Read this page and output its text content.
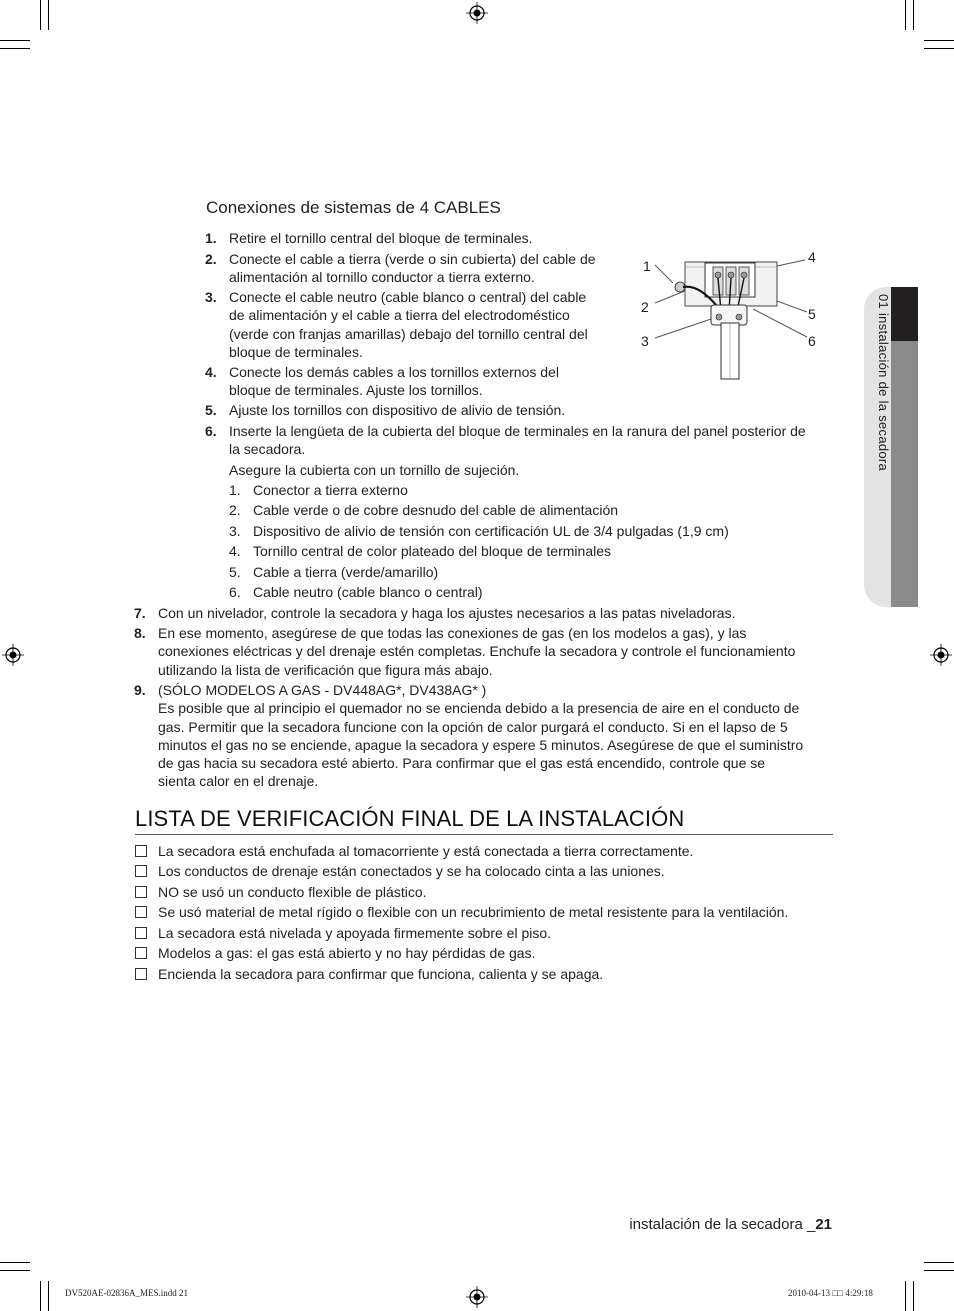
01 instalación de la secadora
Conexiones de sistemas de 4 CABLES
1. Retire el tornillo central del bloque de terminales.
2. Conecte el cable a tierra (verde o sin cubierta) del cable de
alimentación al tornillo conductor a tierra externo.
3. Conecte el cable neutro (cable blanco o central) del cable
de alimentación y el cable a tierra del electrodoméstico
(verde con franjas amarillas) debajo del tornillo central del
bloque de terminales.
4. Conecte los demás cables a los tornillos externos del
bloque de terminales. Ajuste los tornillos.
5. Ajuste los tornillos con dispositivo de alivio de tensión.
6. Inserte la lengüeta de la cubierta del bloque de terminales en la ranura del panel posterior de
la secadora.
Asegure la cubierta con un tornillo de sujeción.
1. Conector a tierra externo
2. Cable verde o de cobre desnudo del cable de alimentación
3. Dispositivo de alivio de tensión con certificación UL de 3/4 pulgadas (1,9 cm)
4. Tornillo central de color plateado del bloque de terminales
5. Cable a tierra (verde/amarillo)
6. Cable neutro (cable blanco o central)
7. Con un nivelador, controle la secadora y haga los ajustes necesarios a las patas niveladoras.
8. En ese momento, asegúrese de que todas las conexiones de gas (en los modelos a gas), y las
conexiones eléctricas y del drenaje estén completas. Enchufe la secadora y controle el funcionamiento
utilizando la lista de verificación que figura más abajo.
9. (SÓLO MODELOS A GAS - DV448AG*, DV438AG* )
Es posible que al principio el quemador no se encienda debido a la presencia de aire en el conducto de
gas. Permitir que la secadora funcione con la opción de calor purgará el conducto. Si en el lapso de 5
minutos el gas no se enciende, apague la secadora y espere 5 minutos. Asegúrese de que el suministro
de gas hacia su secadora esté abierto. Para confirmar que el gas está encendido, controle que se
sienta calor en el drenaje.
1
2
3
4
5
6
LISTA DE VERIFICACIÓN FINAL DE LA INSTALACIÓN
La secadora está enchufada al tomacorriente y está conectada a tierra correctamente.
Los conductos de drenaje están conectados y se ha colocado cinta a las uniones.
NO se usó un conducto flexible de plástico.
Se usó material de metal rígido o flexible con un recubrimiento de metal resistente para la ventilación.
La secadora está nivelada y apoyada firmemente sobre el piso.
Modelos a gas: el gas está abierto y no hay pérdidas de gas.
Encienda la secadora para confirmar que funciona, calienta y se apaga.
instalación de la secadora _21
DV520AE-02836A_MES.indd 21	2010-04-13 □□ 4:29:18
